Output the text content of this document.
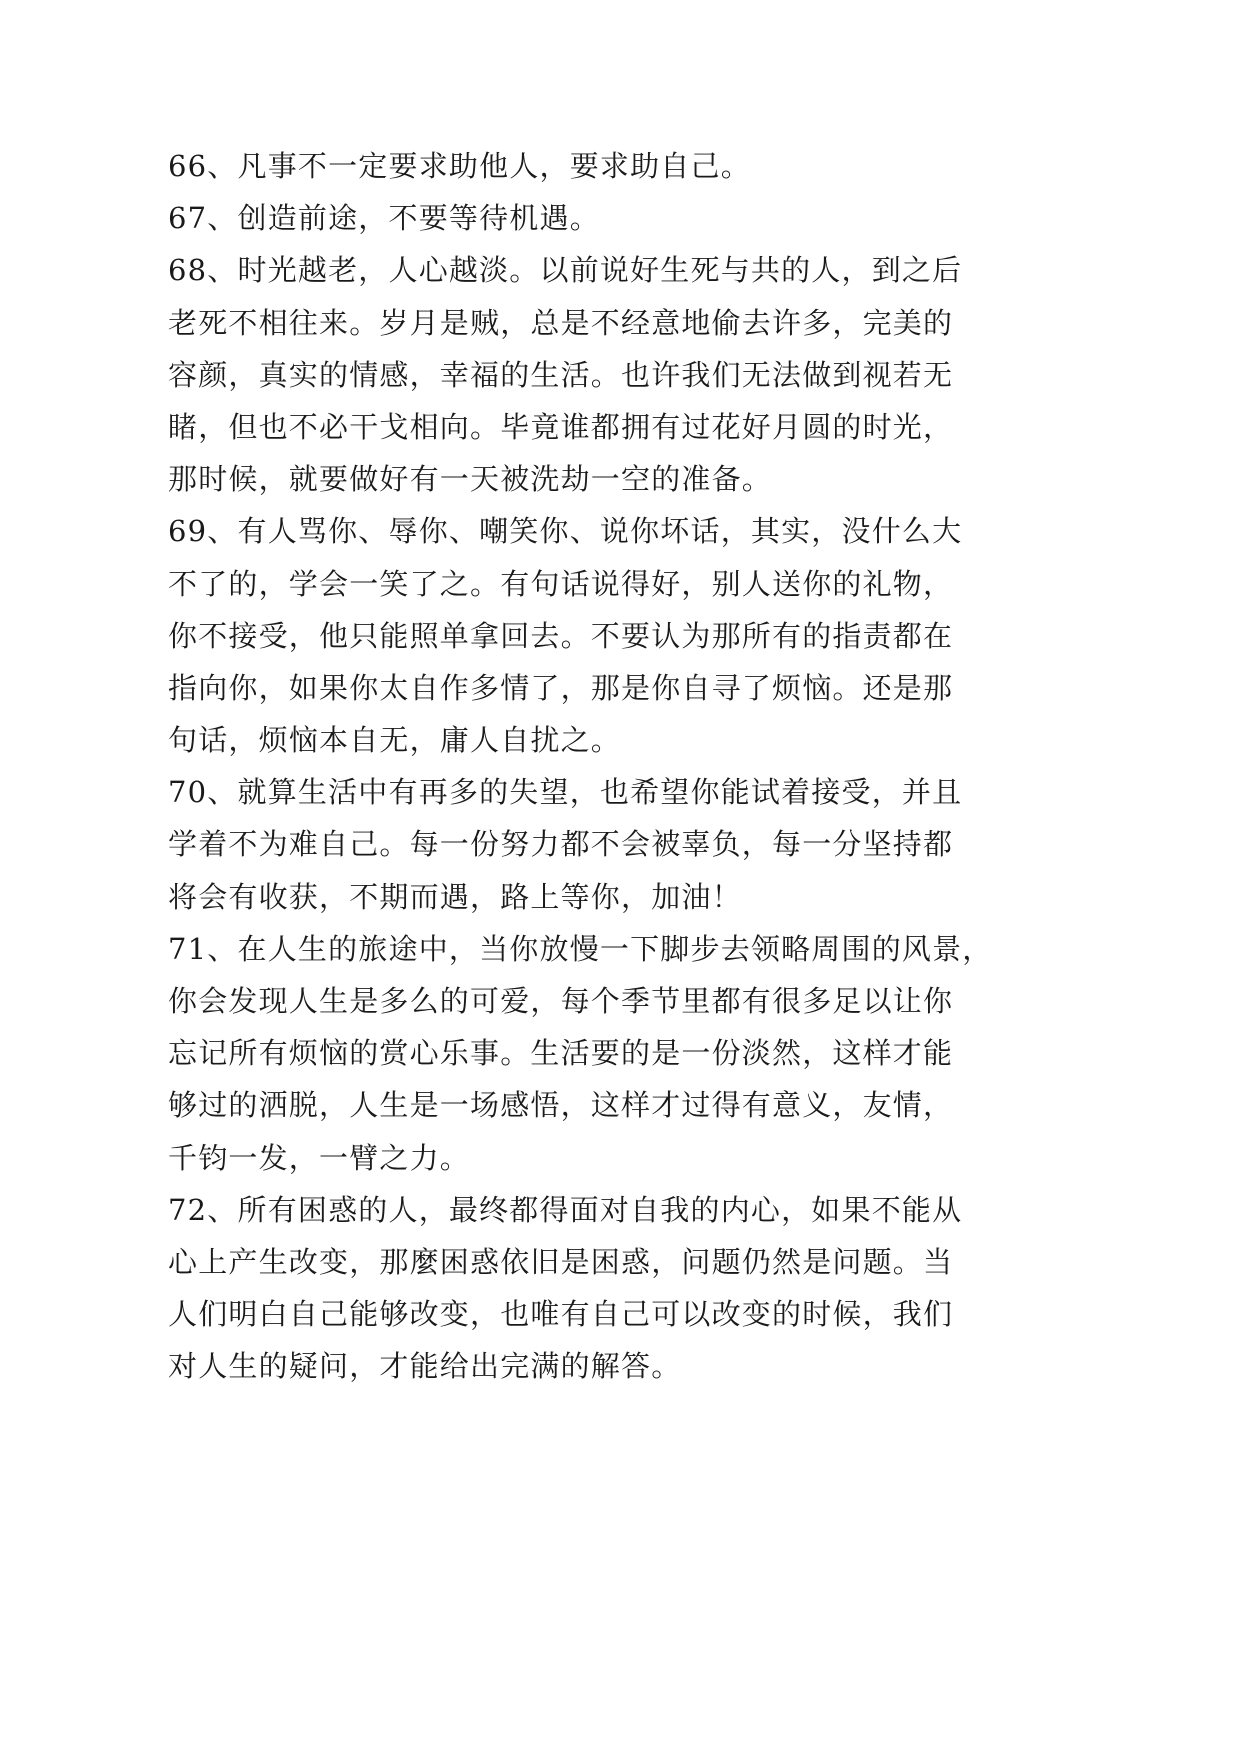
66、凡事不一定要求助他人，要求助自己。
67、创造前途，不要等待机遇。
68、时光越老，人心越淡。以前说好生死与共的人，到之后
老死不相往来。岁月是贼，总是不经意地偷去许多，完美的
容颜，真实的情感，幸福的生活。也许我们无法做到视若无
睹，但也不必干戈相向。毕竟谁都拥有过花好月圆的时光，
那时候，就要做好有一天被洗劫一空的准备。
69、有人骂你、辱你、嘲笑你、说你坏话，其实，没什么大
不了的，学会一笑了之。有句话说得好，别人送你的礼物，
你不接受，他只能照单拿回去。不要认为那所有的指责都在
指向你，如果你太自作多情了，那是你自寻了烦恼。还是那
句话，烦恼本自无，庸人自扰之。
70、就算生活中有再多的失望，也希望你能试着接受，并且
学着不为难自己。每一份努力都不会被辜负，每一分坚持都
将会有收获，不期而遇，路上等你，加油！
71、在人生的旅途中，当你放慢一下脚步去领略周围的风景，
你会发现人生是多么的可爱，每个季节里都有很多足以让你
忘记所有烦恼的赏心乐事。生活要的是一份淡然，这样才能
够过的洒脱，人生是一场感悟，这样才过得有意义，友情，
千钧一发，一臂之力。
72、所有困惑的人，最终都得面对自我的内心，如果不能从
心上产生改变，那麼困惑依旧是困惑，问题仍然是问题。当
人们明白自己能够改变，也唯有自己可以改变的时候，我们
对人生的疑问，才能给出完满的解答。
